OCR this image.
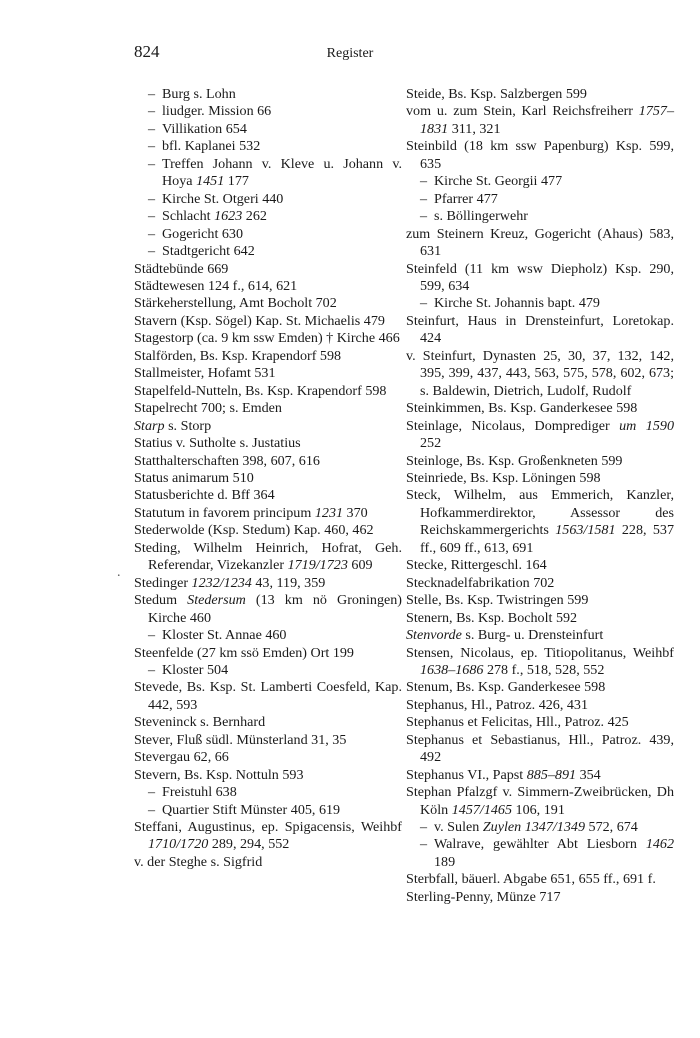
824	Register
.
– Burg s. Lohn
– liudger. Mission 66
– Villikation 654
– bfl. Kaplanei 532
– Treffen Johann v. Kleve u. Johann v. Hoya 1451 177
– Kirche St. Otgeri 440
– Schlacht 1623 262
– Gogericht 630
– Stadtgericht 642
Städtebünde 669
Städtewesen 124 f., 614, 621
Stärkeherstellung, Amt Bocholt 702
Stavern (Ksp. Sögel) Kap. St. Michaelis 479
Stagestorp (ca. 9 km ssw Emden) † Kirche 466
Stalförden, Bs. Ksp. Krapendorf 598
Stallmeister, Hofamt 531
Stapelfeld-Nutteln, Bs. Ksp. Krapendorf 598
Stapelrecht 700; s. Emden
Starp s. Storp
Statius v. Sutholte s. Justatius
Statthalterschaften 398, 607, 616
Status animarum 510
Statusberichte d. Bff 364
Statutum in favorem principum 1231 370
Stederwolde (Ksp. Stedum) Kap. 460, 462
Steding, Wilhelm Heinrich, Hofrat, Geh. Referendar, Vizekanzler 1719/1723 609
Stedinger 1232/1234 43, 119, 359
Stedum Stedersum (13 km nö Groningen) Kirche 460
– Kloster St. Annae 460
Steenfelde (27 km ssö Emden) Ort 199
– Kloster 504
Stevede, Bs. Ksp. St. Lamberti Coesfeld, Kap. 442, 593
Steveninck s. Bernhard
Stever, Fluß südl. Münsterland 31, 35
Stevergau 62, 66
Stevern, Bs. Ksp. Nottuln 593
– Freistuhl 638
– Quartier Stift Münster 405, 619
Steffani, Augustinus, ep. Spigacensis, Weihbf 1710/1720 289, 294, 552
v. der Steghe s. Sigfrid
Steide, Bs. Ksp. Salzbergen 599
vom u. zum Stein, Karl Reichsfreiherr 1757–1831 311, 321
Steinbild (18 km ssw Papenburg) Ksp. 599, 635
– Kirche St. Georgii 477
– Pfarrer 477
– s. Böllingerwehr
zum Steinern Kreuz, Gogericht (Ahaus) 583, 631
Steinfeld (11 km wsw Diepholz) Ksp. 290, 599, 634
– Kirche St. Johannis bapt. 479
Steinfurt, Haus in Drensteinfurt, Loretokap. 424
v. Steinfurt, Dynasten 25, 30, 37, 132, 142, 395, 399, 437, 443, 563, 575, 578, 602, 673; s. Baldewin, Dietrich, Ludolf, Rudolf
Steinkimmen, Bs. Ksp. Ganderkesee 598
Steinlage, Nicolaus, Domprediger um 1590 252
Steinloge, Bs. Ksp. Großenkneten 599
Steinriede, Bs. Ksp. Löningen 598
Steck, Wilhelm, aus Emmerich, Kanzler, Hofkammerdirektor, Assessor des Reichskammergerichts 1563/1581 228, 537 ff., 609 ff., 613, 691
Stecke, Rittergeschl. 164
Stecknadelfabrikation 702
Stelle, Bs. Ksp. Twistringen 599
Stenern, Bs. Ksp. Bocholt 592
Stenvorde s. Burg- u. Drensteinfurt
Stensen, Nicolaus, ep. Titiopolitanus, Weihbf 1638–1686 278 f., 518, 528, 552
Stenum, Bs. Ksp. Ganderkesee 598
Stephanus, Hl., Patroz. 426, 431
Stephanus et Felicitas, Hll., Patroz. 425
Stephanus et Sebastianus, Hll., Patroz. 439, 492
Stephanus VI., Papst 885–891 354
Stephan Pfalzgf v. Simmern-Zweibrücken, Dh Köln 1457/1465 106, 191
– v. Sulen Zuylen 1347/1349 572, 674
– Walrave, gewählter Abt Liesborn 1462 189
Sterbfall, bäuerl. Abgabe 651, 655 ff., 691 f.
Sterling-Penny, Münze 717
